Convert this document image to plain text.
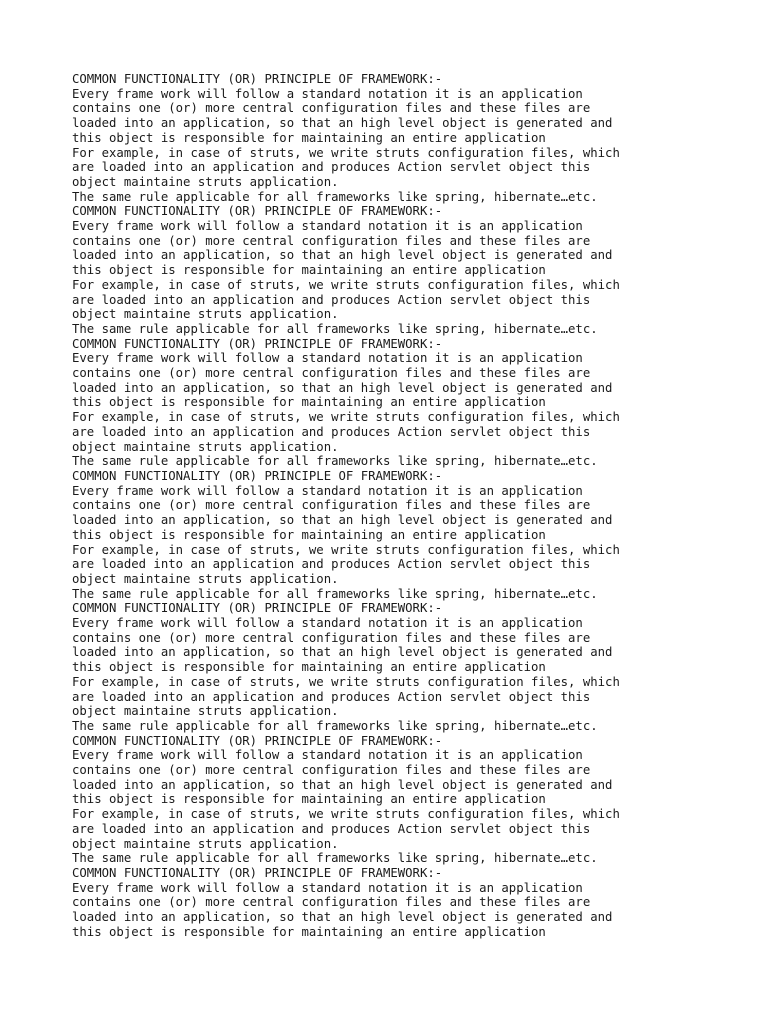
COMMON FUNCTIONALITY (OR) PRINCIPLE OF FRAMEWORK:-
Every frame work will follow a standard notation it is an application
contains one (or) more central configuration files and these files are
loaded into an application, so that an high level object is generated and
this object is responsible for maintaining an entire application
For example, in case of struts, we write struts configuration files, which
are loaded into an application and produces Action servlet object this
object maintaine struts application.
The same rule applicable for all frameworks like spring, hibernate…etc.
COMMON FUNCTIONALITY (OR) PRINCIPLE OF FRAMEWORK:-
Every frame work will follow a standard notation it is an application
contains one (or) more central configuration files and these files are
loaded into an application, so that an high level object is generated and
this object is responsible for maintaining an entire application
For example, in case of struts, we write struts configuration files, which
are loaded into an application and produces Action servlet object this
object maintaine struts application.
The same rule applicable for all frameworks like spring, hibernate…etc.
COMMON FUNCTIONALITY (OR) PRINCIPLE OF FRAMEWORK:-
Every frame work will follow a standard notation it is an application
contains one (or) more central configuration files and these files are
loaded into an application, so that an high level object is generated and
this object is responsible for maintaining an entire application
For example, in case of struts, we write struts configuration files, which
are loaded into an application and produces Action servlet object this
object maintaine struts application.
The same rule applicable for all frameworks like spring, hibernate…etc.
COMMON FUNCTIONALITY (OR) PRINCIPLE OF FRAMEWORK:-
Every frame work will follow a standard notation it is an application
contains one (or) more central configuration files and these files are
loaded into an application, so that an high level object is generated and
this object is responsible for maintaining an entire application
For example, in case of struts, we write struts configuration files, which
are loaded into an application and produces Action servlet object this
object maintaine struts application.
The same rule applicable for all frameworks like spring, hibernate…etc.
COMMON FUNCTIONALITY (OR) PRINCIPLE OF FRAMEWORK:-
Every frame work will follow a standard notation it is an application
contains one (or) more central configuration files and these files are
loaded into an application, so that an high level object is generated and
this object is responsible for maintaining an entire application
For example, in case of struts, we write struts configuration files, which
are loaded into an application and produces Action servlet object this
object maintaine struts application.
The same rule applicable for all frameworks like spring, hibernate…etc.
COMMON FUNCTIONALITY (OR) PRINCIPLE OF FRAMEWORK:-
Every frame work will follow a standard notation it is an application
contains one (or) more central configuration files and these files are
loaded into an application, so that an high level object is generated and
this object is responsible for maintaining an entire application
For example, in case of struts, we write struts configuration files, which
are loaded into an application and produces Action servlet object this
object maintaine struts application.
The same rule applicable for all frameworks like spring, hibernate…etc.
COMMON FUNCTIONALITY (OR) PRINCIPLE OF FRAMEWORK:-
Every frame work will follow a standard notation it is an application
contains one (or) more central configuration files and these files are
loaded into an application, so that an high level object is generated and
this object is responsible for maintaining an entire application
